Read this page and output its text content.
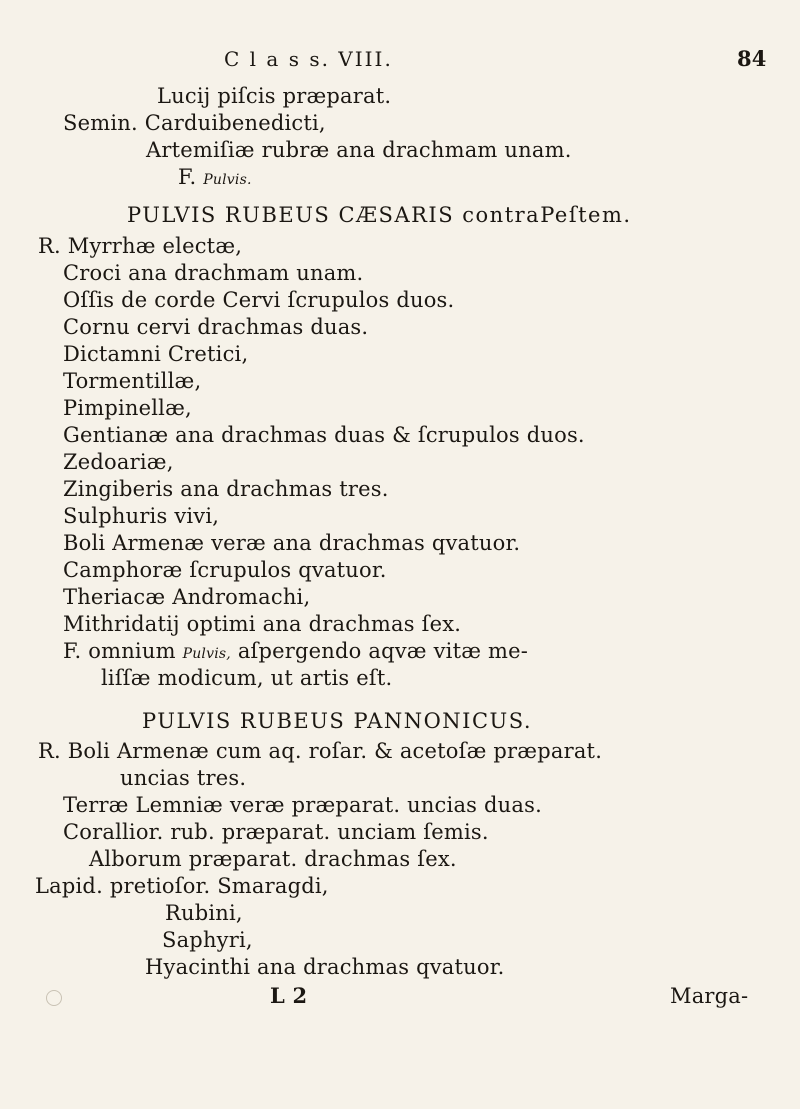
C l a s s. VIII.	84
Lucij piſcis præparat.
Semin. Carduibenedicti,
Artemiſiæ rubræ ana drachmam unam.
F. Pulvis.
PULVIS RUBEUS CÆSARIS contraPeſtem.
R. Myrrhæ electæ,
Croci ana drachmam unam.
Oſſis de corde Cervi ſcrupulos duos.
Cornu cervi drachmas duas.
Dictamni Cretici,
Tormentillæ,
Pimpinellæ,
Gentianæ ana drachmas duas & ſcrupulos duos.
Zedoariæ,
Zingiberis ana drachmas tres.
Sulphuris vivi,
Boli Armenæ veræ ana drachmas qvatuor.
Camphoræ ſcrupulos qvatuor.
Theriacæ Andromachi,
Mithridatij optimi ana drachmas ſex.
F. omnium Pulvis, aſpergendo aqvæ vitæ me-
liſſæ modicum, ut artis eſt.
PULVIS RUBEUS PANNONICUS.
R. Boli Armenæ cum aq. roſar. & acetoſæ præparat.
uncias tres.
Terræ Lemniæ veræ præparat. uncias duas.
Corallior. rub. præparat. unciam ſemis.
Alborum præparat. drachmas ſex.
Lapid. pretioſor. Smaragdi,
Rubini,
Saphyri,
Hyacinthi ana drachmas qvatuor.
L 2	Marga-
